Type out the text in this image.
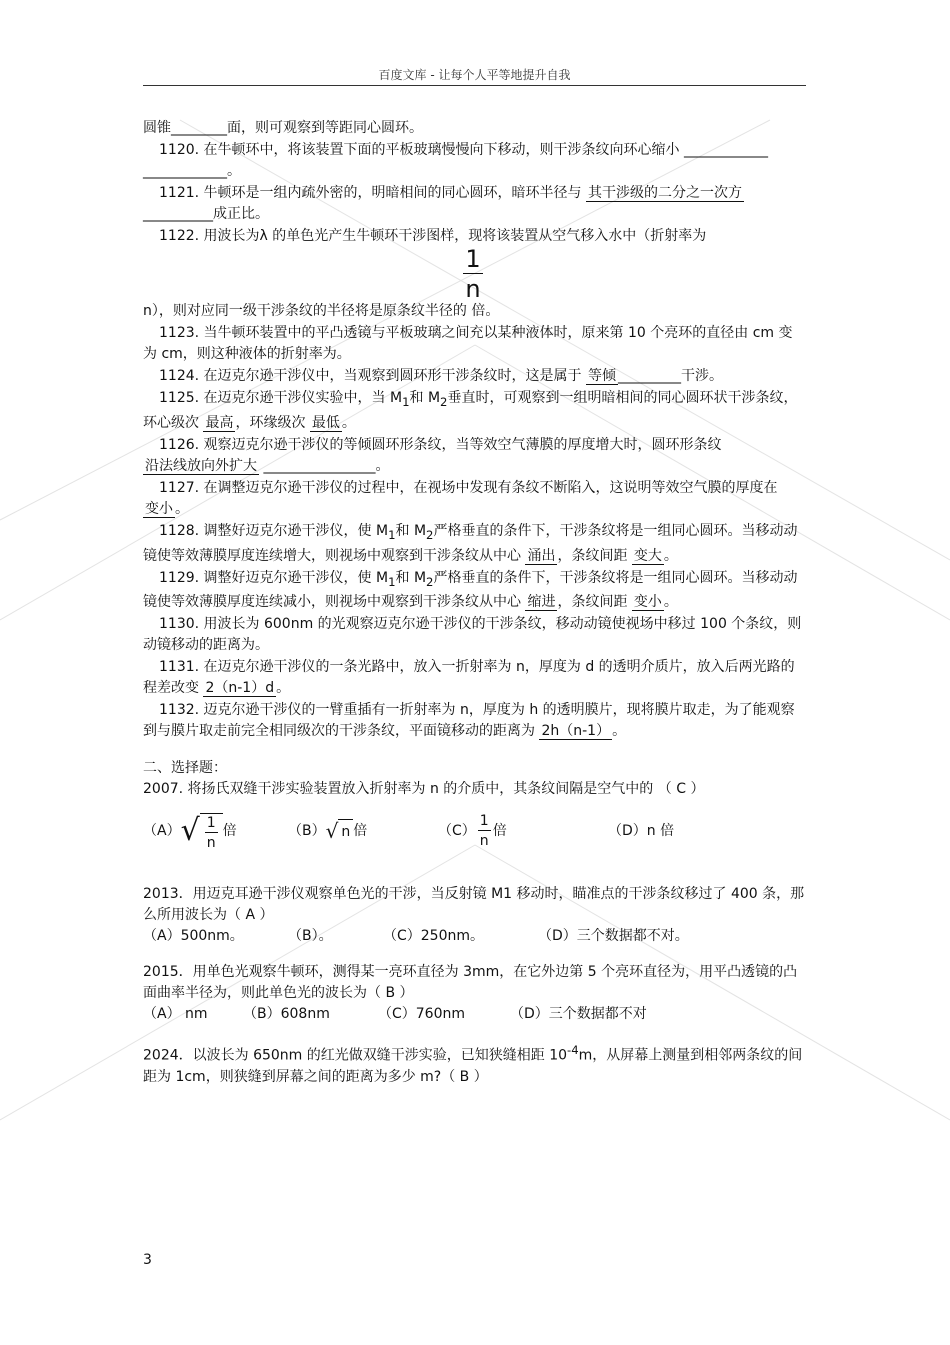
百度文库 - 让每个人平等地提升自我
圆锥________面，则可观察到等距同心圆环。
1120. 在牛顿环中，将该装置下面的平板玻璃慢慢向下移动，则干涉条纹向环心缩小 ____________
____________。
1121. 牛顿环是一组内疏外密的，明暗相间的同心圆环，暗环半径与 其干涉级的二分之一次方 __________成正比。
1122. 用波长为λ 的单色光产生牛顿环干涉图样，现将该装置从空气移入水中（折射率为
$\frac{1}{n}$
n），则对应同一级干涉条纹的半径将是原条纹半径的 倍。
1123. 当牛顿环装置中的平凸透镜与平板玻璃之间充以某种液体时，原来第 10 个亮环的直径由 cm 变为 cm，则这种液体的折射率为。
1124. 在迈克尔逊干涉仪中，当观察到圆环形干涉条纹时，这是属于 等倾 _________干涉。
1125. 在迈克尔逊干涉仪实验中，当 $M_1$和 $M_2$垂直时，可观察到一组明暗相间的同心圆环状干涉条纹，环心级次 最高 ，环缘级次 最低 。
1126. 观察迈克尔逊干涉仪的等倾圆环形条纹，当等效空气薄膜的厚度增大时，圆环形条纹 沿法线放向外扩大 ________________。
1127. 在调整迈克尔逊干涉仪的过程中，在视场中发现有条纹不断陷入，这说明等效空气膜的厚度在 变小 。
1128. 调整好迈克尔逊干涉仪，使 $M_1$和 $M_2$严格垂直的条件下，干涉条纹将是一组同心圆环。当移动动镜使等效薄膜厚度连续增大，则视场中观察到干涉条纹从中心 涌出 ，条纹间距 变大 。
1129. 调整好迈克尔逊干涉仪，使 $M_1$和 $M_2$严格垂直的条件下，干涉条纹将是一组同心圆环。当移动动镜使等效薄膜厚度连续减小，则视场中观察到干涉条纹从中心 缩进 ，条纹间距 变小 。
1130. 用波长为 600nm 的光观察迈克尔逊干涉仪的干涉条纹，移动动镜使视场中移过 100 个条纹，则动镜移动的距离为。
1131. 在迈克尔逊干涉仪的一条光路中，放入一折射率为 n，厚度为 d 的透明介质片，放入后两光路的程差改变 2（n-1）d 。
1132. 迈克尔逊干涉仪的一臂重插有一折射率为 n，厚度为 h 的透明膜片，现将膜片取走，为了能观察到与膜片取走前完全相同级次的干涉条纹，平面镜移动的距离为 2h（n-1） 。
二、选择题：
2007. 将扬氏双缝干涉实验装置放入折射率为 n 的介质中，其条纹间隔是空气中的 （ C ）
（A） √ $\frac{1}{n}$ 倍	（B） √ n 倍	$(C) \frac{1}{n}$ 倍	（D）n 倍
2013．用迈克耳逊干涉仪观察单色光的干涉，当反射镜 M1 移动时，瞄准点的干涉条纹移过了 400 条，那么所用波长为（ A ）
（A）500nm。	（B）。	（C）250nm。	（D）三个数据都不对。
2015．用单色光观察牛顿环，测得某一亮环直径为 3mm，在它外边第 5 个亮环直径为，用平凸透镜的凸面曲率半径为，则此单色光的波长为（ B ）
（A） nm	（B）608nm	（C）760nm	（D）三个数据都不对
2024．以波长为 650nm 的红光做双缝干涉实验，已知狭缝相距 $10^{-4}m$，从屏幕上测量到相邻两条纹的间距为 1cm，则狭缝到屏幕之间的距离为多少 m?（ B ）
3
